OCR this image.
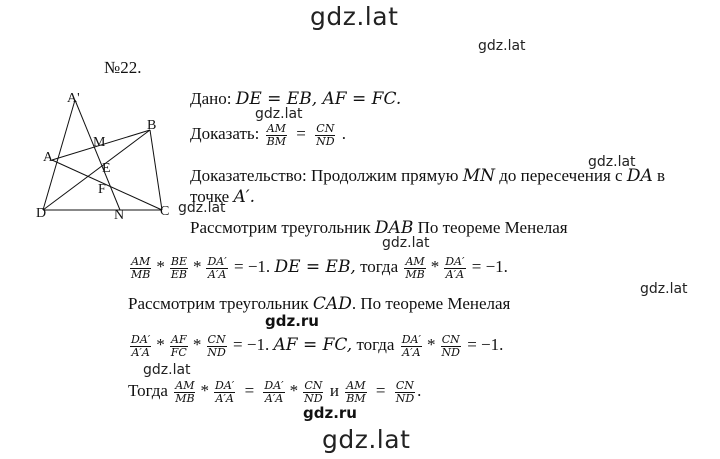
gdz.lat
gdz.lat
gdz.lat
gdz.lat
gdz.lat
gdz.lat
gdz.lat
gdz.ru
gdz.lat
gdz.ru
gdz.lat
№22.
A'
A
M
B
E
F
D	N	C
Дано: DE = EB, AF = FC.
Доказать: $\frac{AM}{BM} = \frac{CN}{ND}$ .
Доказательство: Продолжим прямую MN до пересечения с DA в
точке A′.
Рассмотрим треугольник DAB По теореме Менелая
$\frac{AM}{MB} * \frac{BE}{EB} * \frac{DA'}{A'A} = -1$. DE = EB, тогда $\frac{AM}{MB} * \frac{DA'}{A'A} = -1$.
Рассмотрим треугольник CAD. По теореме Менелая
$\frac{DA'}{A'A} * \frac{AF}{FC} * \frac{CN}{ND} = -1$. AF = FC, тогда $\frac{DA'}{A'A} * \frac{CN}{ND} = -1$.
Тогда $\frac{AM}{MB} * \frac{DA'}{A'A} = \frac{DA'}{A'A} * \frac{CN}{ND}$ и $\frac{AM}{BM} = \frac{CN}{ND}$ .
